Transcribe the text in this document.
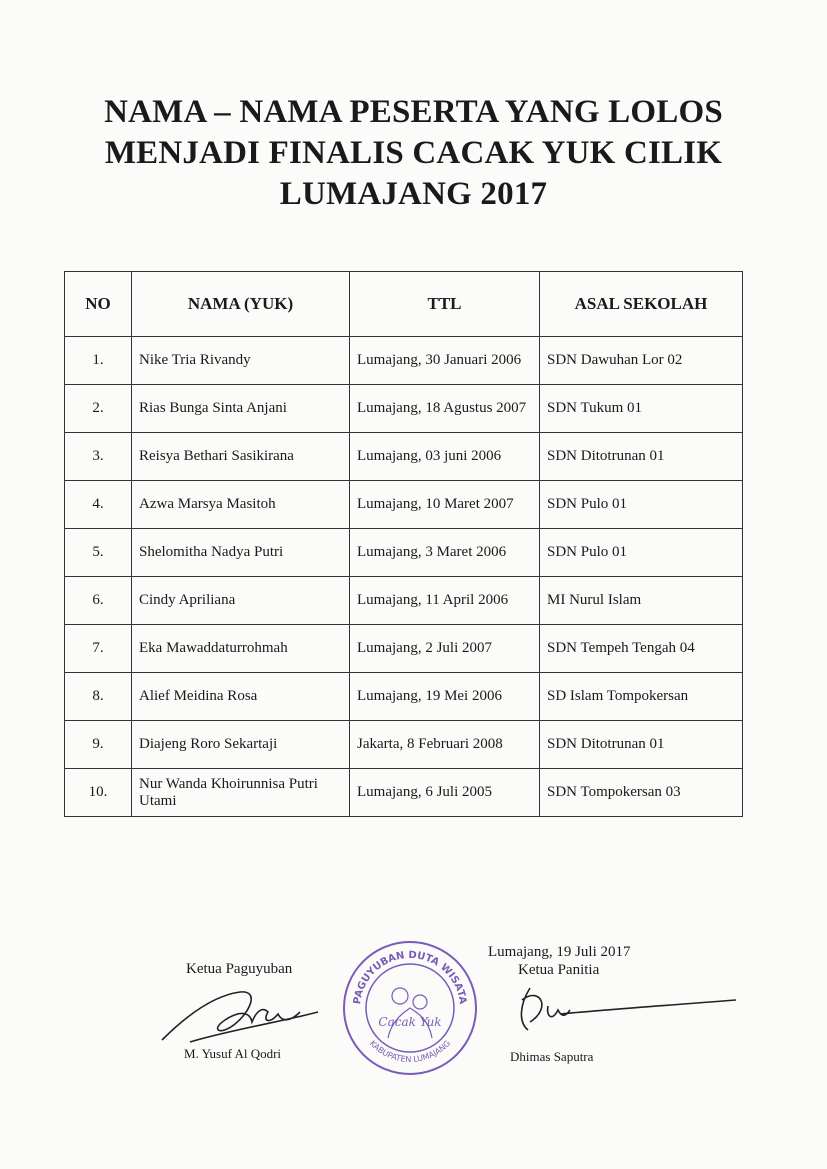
NAMA – NAMA PESERTA YANG LOLOS
MENJADI FINALIS CACAK YUK CILIK
LUMAJANG 2017
NO	NAMA (YUK)	TTL	ASAL SEKOLAH
1.	Nike Tria Rivandy	Lumajang, 30 Januari 2006	SDN Dawuhan Lor 02
2.	Rias Bunga Sinta Anjani	Lumajang, 18 Agustus 2007	SDN Tukum 01
3.	Reisya Bethari Sasikirana	Lumajang, 03 juni 2006	SDN Ditotrunan 01
4.	Azwa Marsya Masitoh	Lumajang, 10 Maret 2007	SDN Pulo 01
5.	Shelomitha Nadya Putri	Lumajang, 3 Maret 2006	SDN Pulo 01
6.	Cindy Apriliana	Lumajang, 11 April 2006	MI Nurul Islam
7.	Eka Mawaddaturrohmah	Lumajang, 2 Juli 2007	SDN Tempeh Tengah 04
8.	Alief Meidina Rosa	Lumajang, 19 Mei 2006	SD Islam Tompokersan
9.	Diajeng Roro Sekartaji	Jakarta, 8 Februari 2008	SDN Ditotrunan 01
10.	Nur Wanda Khoirunnisa Putri Utami	Lumajang, 6 Juli 2005	SDN Tompokersan 03
Ketua Paguyuban
M. Yusuf Al Qodri
PAGUYUBAN DUTA WISATA
KABUPATEN LUMAJANG
Cacak Yuk
Lumajang, 19 Juli 2017
Ketua Panitia
Dhimas Saputra
